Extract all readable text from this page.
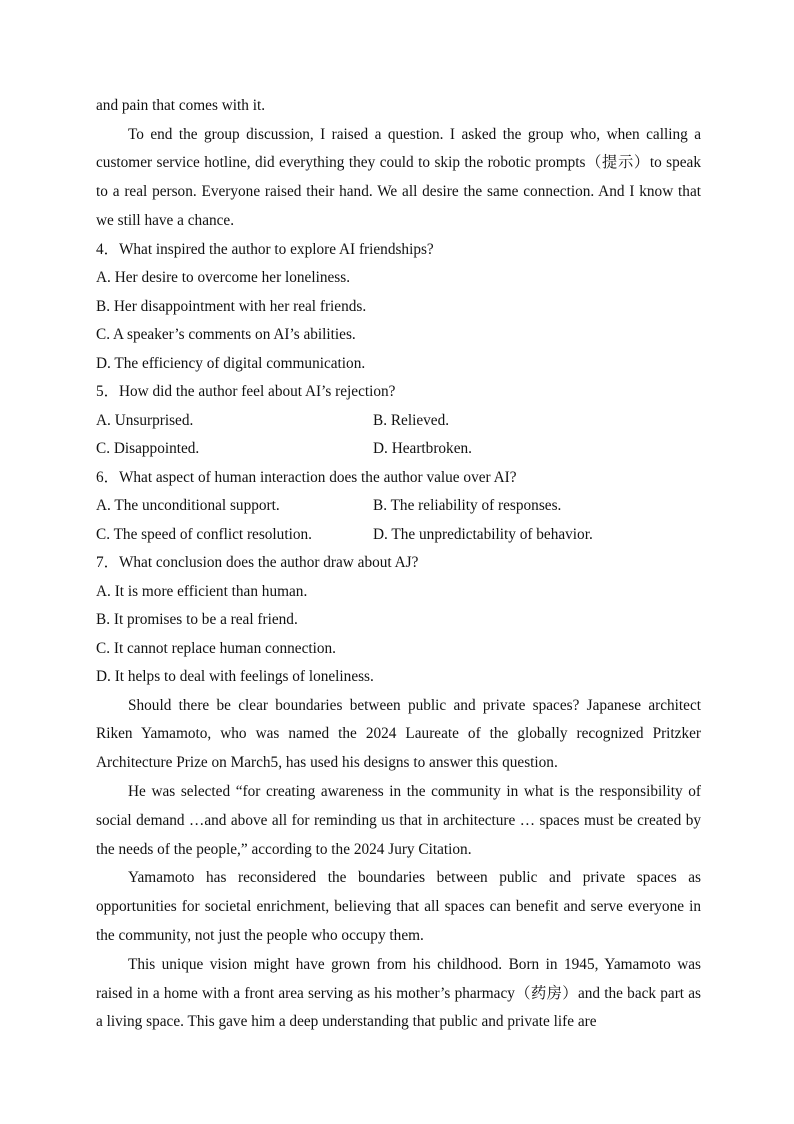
and pain that comes with it.

To end the group discussion, I raised a question. I asked the group who, when calling a customer service hotline, did everything they could to skip the robotic prompts（提示）to speak to a real person. Everyone raised their hand. We all desire the same connection. And I know that we still have a chance.

4．What inspired the author to explore AI friendships?

A. Her desire to overcome her loneliness.

B. Her disappointment with her real friends.

C. A speaker’s comments on AI’s abilities.

D. The efficiency of digital communication.

5．How did the author feel about AI’s rejection?

A. Unsurprised.	B. Relieved.
C. Disappointed.	D. Heartbroken.

6．What aspect of human interaction does the author value over AI?

A. The unconditional support.	B. The reliability of responses.
C. The speed of conflict resolution.	D. The unpredictability of behavior.

7．What conclusion does the author draw about AJ?

A. It is more efficient than human.

B. It promises to be a real friend.

C. It cannot replace human connection.

D. It helps to deal with feelings of loneliness.

Should there be clear boundaries between public and private spaces? Japanese architect Riken Yamamoto, who was named the 2024 Laureate of the globally recognized Pritzker Architecture Prize on March5, has used his designs to answer this question.

He was selected “for creating awareness in the community in what is the responsibility of social demand …and above all for reminding us that in architecture … spaces must be created by the needs of the people,” according to the 2024 Jury Citation.

Yamamoto has reconsidered the boundaries between public and private spaces as opportunities for societal enrichment, believing that all spaces can benefit and serve everyone in the community, not just the people who occupy them.

This unique vision might have grown from his childhood. Born in 1945, Yamamoto was raised in a home with a front area serving as his mother’s pharmacy（药房）and the back part as a living space. This gave him a deep understanding that public and private life are
